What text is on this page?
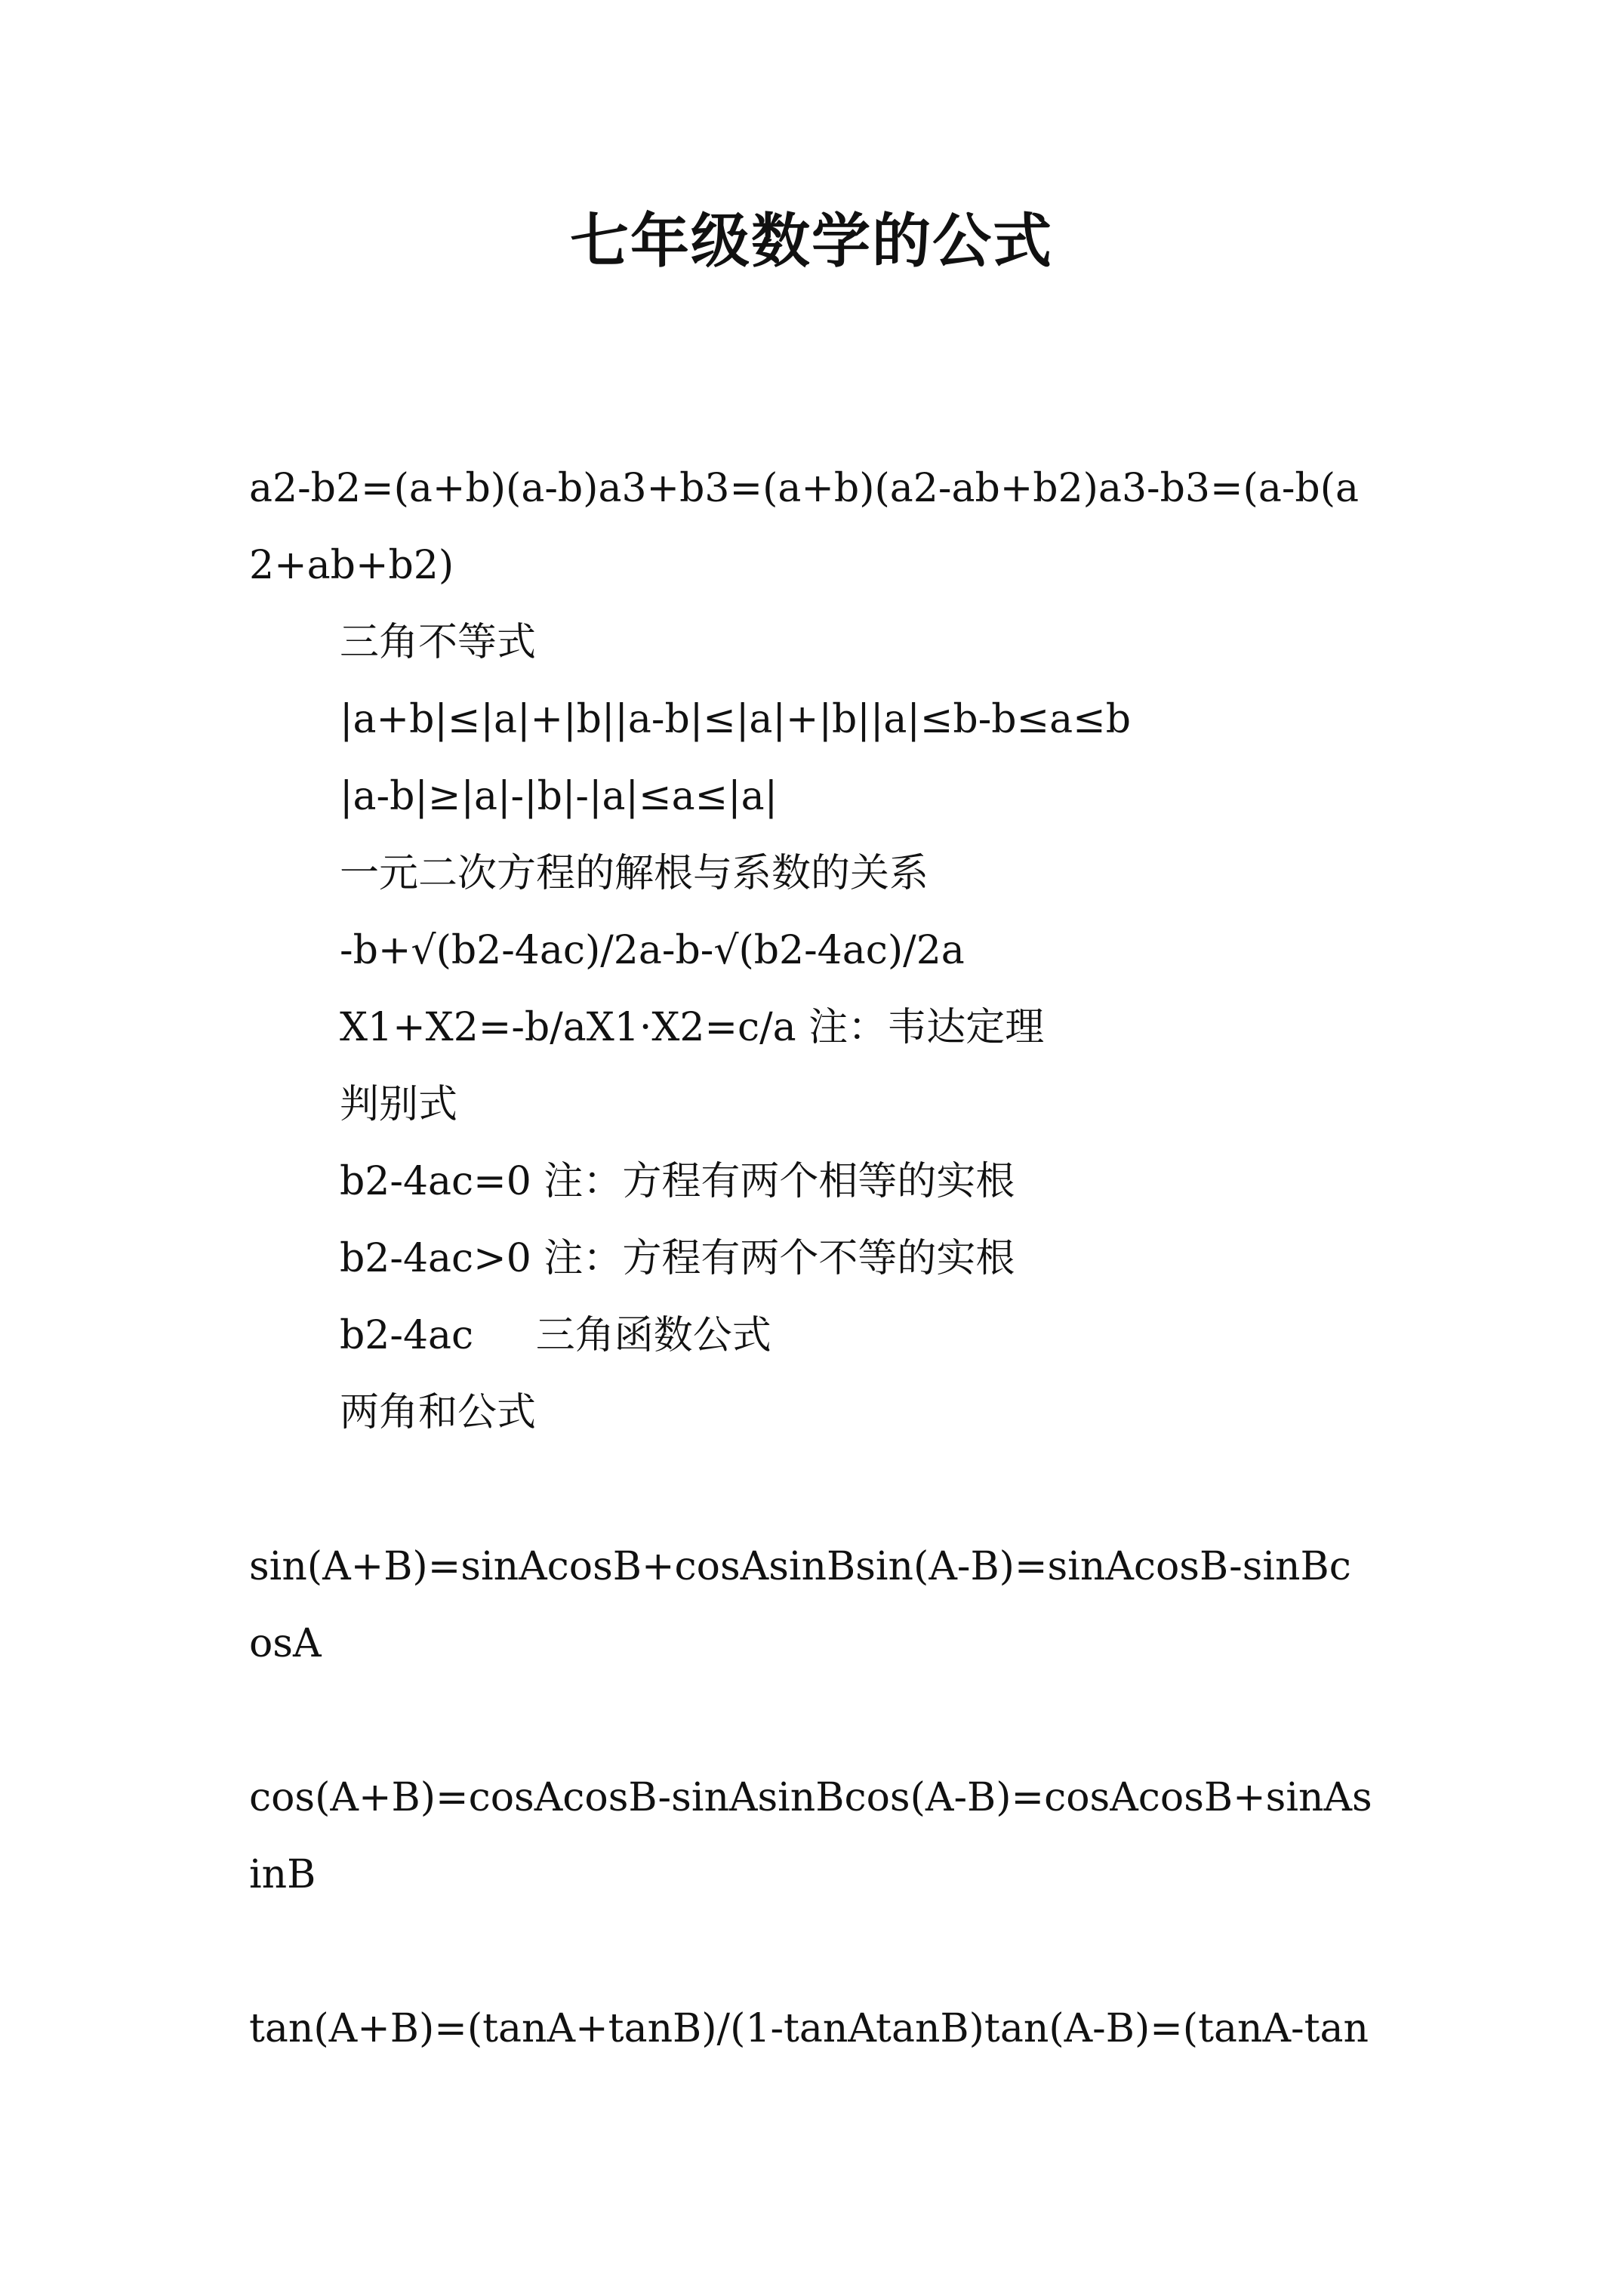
七年级数学的公式

a2-b2=(a+b)(a-b)a3+b3=(a+b)(a2-ab+b2)a3-b3=(a-b(a2+ab+b2)

三角不等式

|a+b|≤|a|+|b||a-b|≤|a|+|b||a|≤b-b≤a≤b

|a-b|≥|a|-|b|-|a|≤a≤|a|

一元二次方程的解根与系数的关系

-b+√(b2-4ac)/2a-b-√(b2-4ac)/2a

X1+X2=-b/aX1·X2=c/a 注：韦达定理

判别式

b2-4ac=0 注：方程有两个相等的实根

b2-4ac>0 注：方程有两个不等的实根

b2-4ac     三角函数公式

两角和公式

sin(A+B)=sinAcosB+cosAsinBsin(A-B)=sinAcosB-sinBcosA

cos(A+B)=cosAcosB-sinAsinBcos(A-B)=cosAcosB+sinAsinB

tan(A+B)=(tanA+tanB)/(1-tanAtanB)tan(A-B)=(tanA-tan
